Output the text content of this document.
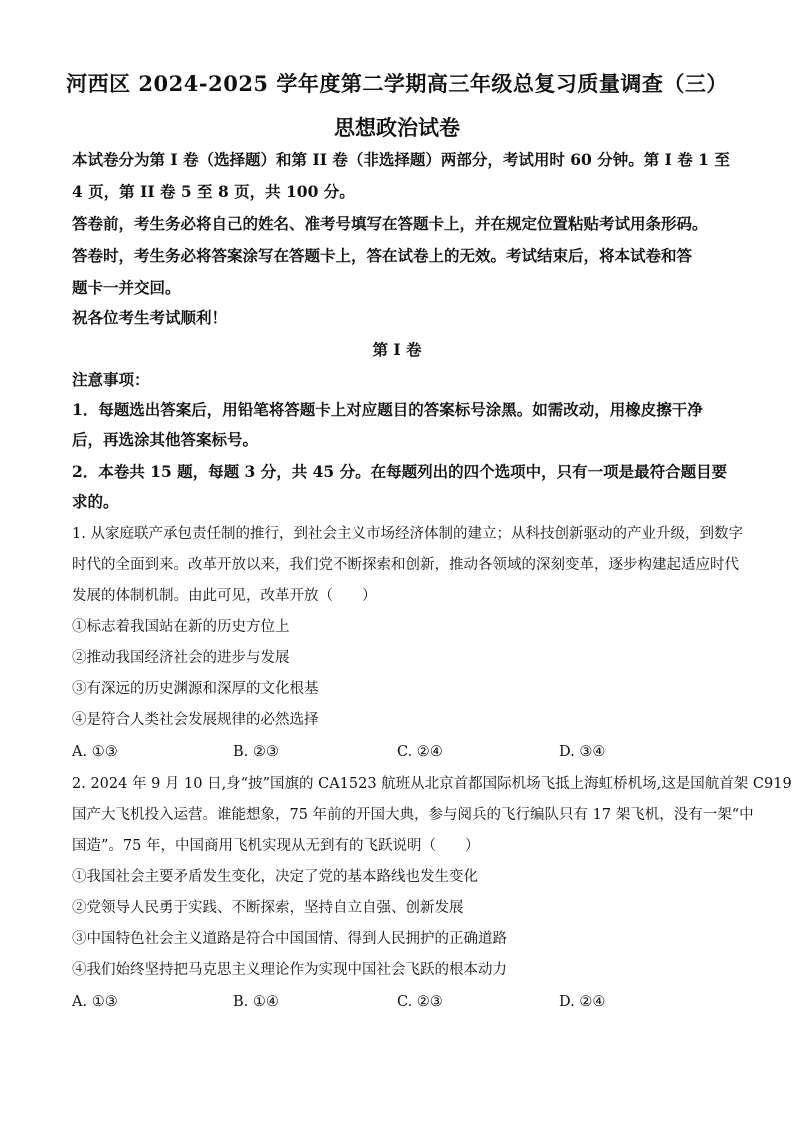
河西区 2024-2025 学年度第二学期高三年级总复习质量调查（三）
思想政治试卷
本试卷分为第 I 卷（选择题）和第 II 卷（非选择题）两部分，考试用时 60 分钟。第 I 卷 1 至
4 页，第 II 卷 5 至 8 页，共 100 分。
答卷前，考生务必将自己的姓名、准考号填写在答题卡上，并在规定位置粘贴考试用条形码。
答卷时，考生务必将答案涂写在答题卡上，答在试卷上的无效。考试结束后，将本试卷和答
题卡一并交回。
祝各位考生考试顺利！
第 I 卷
注意事项：
1．每题选出答案后，用铅笔将答题卡上对应题目的答案标号涂黑。如需改动，用橡皮擦干净
后，再选涂其他答案标号。
2．本卷共 15 题，每题 3 分，共 45 分。在每题列出的四个选项中，只有一项是最符合题目要
求的。
1. 从家庭联产承包责任制的推行，到社会主义市场经济体制的建立；从科技创新驱动的产业升级，到数字
时代的全面到来。改革开放以来，我们党不断探索和创新，推动各领域的深刻变革，逐步构建起适应时代
发展的体制机制。由此可见，改革开放（　　）
①标志着我国站在新的历史方位上
②推动我国经济社会的进步与发展
③有深远的历史渊源和深厚的文化根基
④是符合人类社会发展规律的必然选择
A. ①③	B. ②③	C. ②④	D. ③④
2. 2024 年 9 月 10 日,身“披”国旗的 CA1523 航班从北京首都国际机场飞抵上海虹桥机场,这是国航首架 C919
国产大飞机投入运营。谁能想象，75 年前的开国大典，参与阅兵的飞行编队只有 17 架飞机，没有一架“中
国造”。75 年，中国商用飞机实现从无到有的飞跃说明（　　）
①我国社会主要矛盾发生变化，决定了党的基本路线也发生变化
②党领导人民勇于实践、不断探索，坚持自立自强、创新发展
③中国特色社会主义道路是符合中国国情、得到人民拥护的正确道路
④我们始终坚持把马克思主义理论作为实现中国社会飞跃的根本动力
A. ①③	B. ①④	C. ②③	D. ②④
